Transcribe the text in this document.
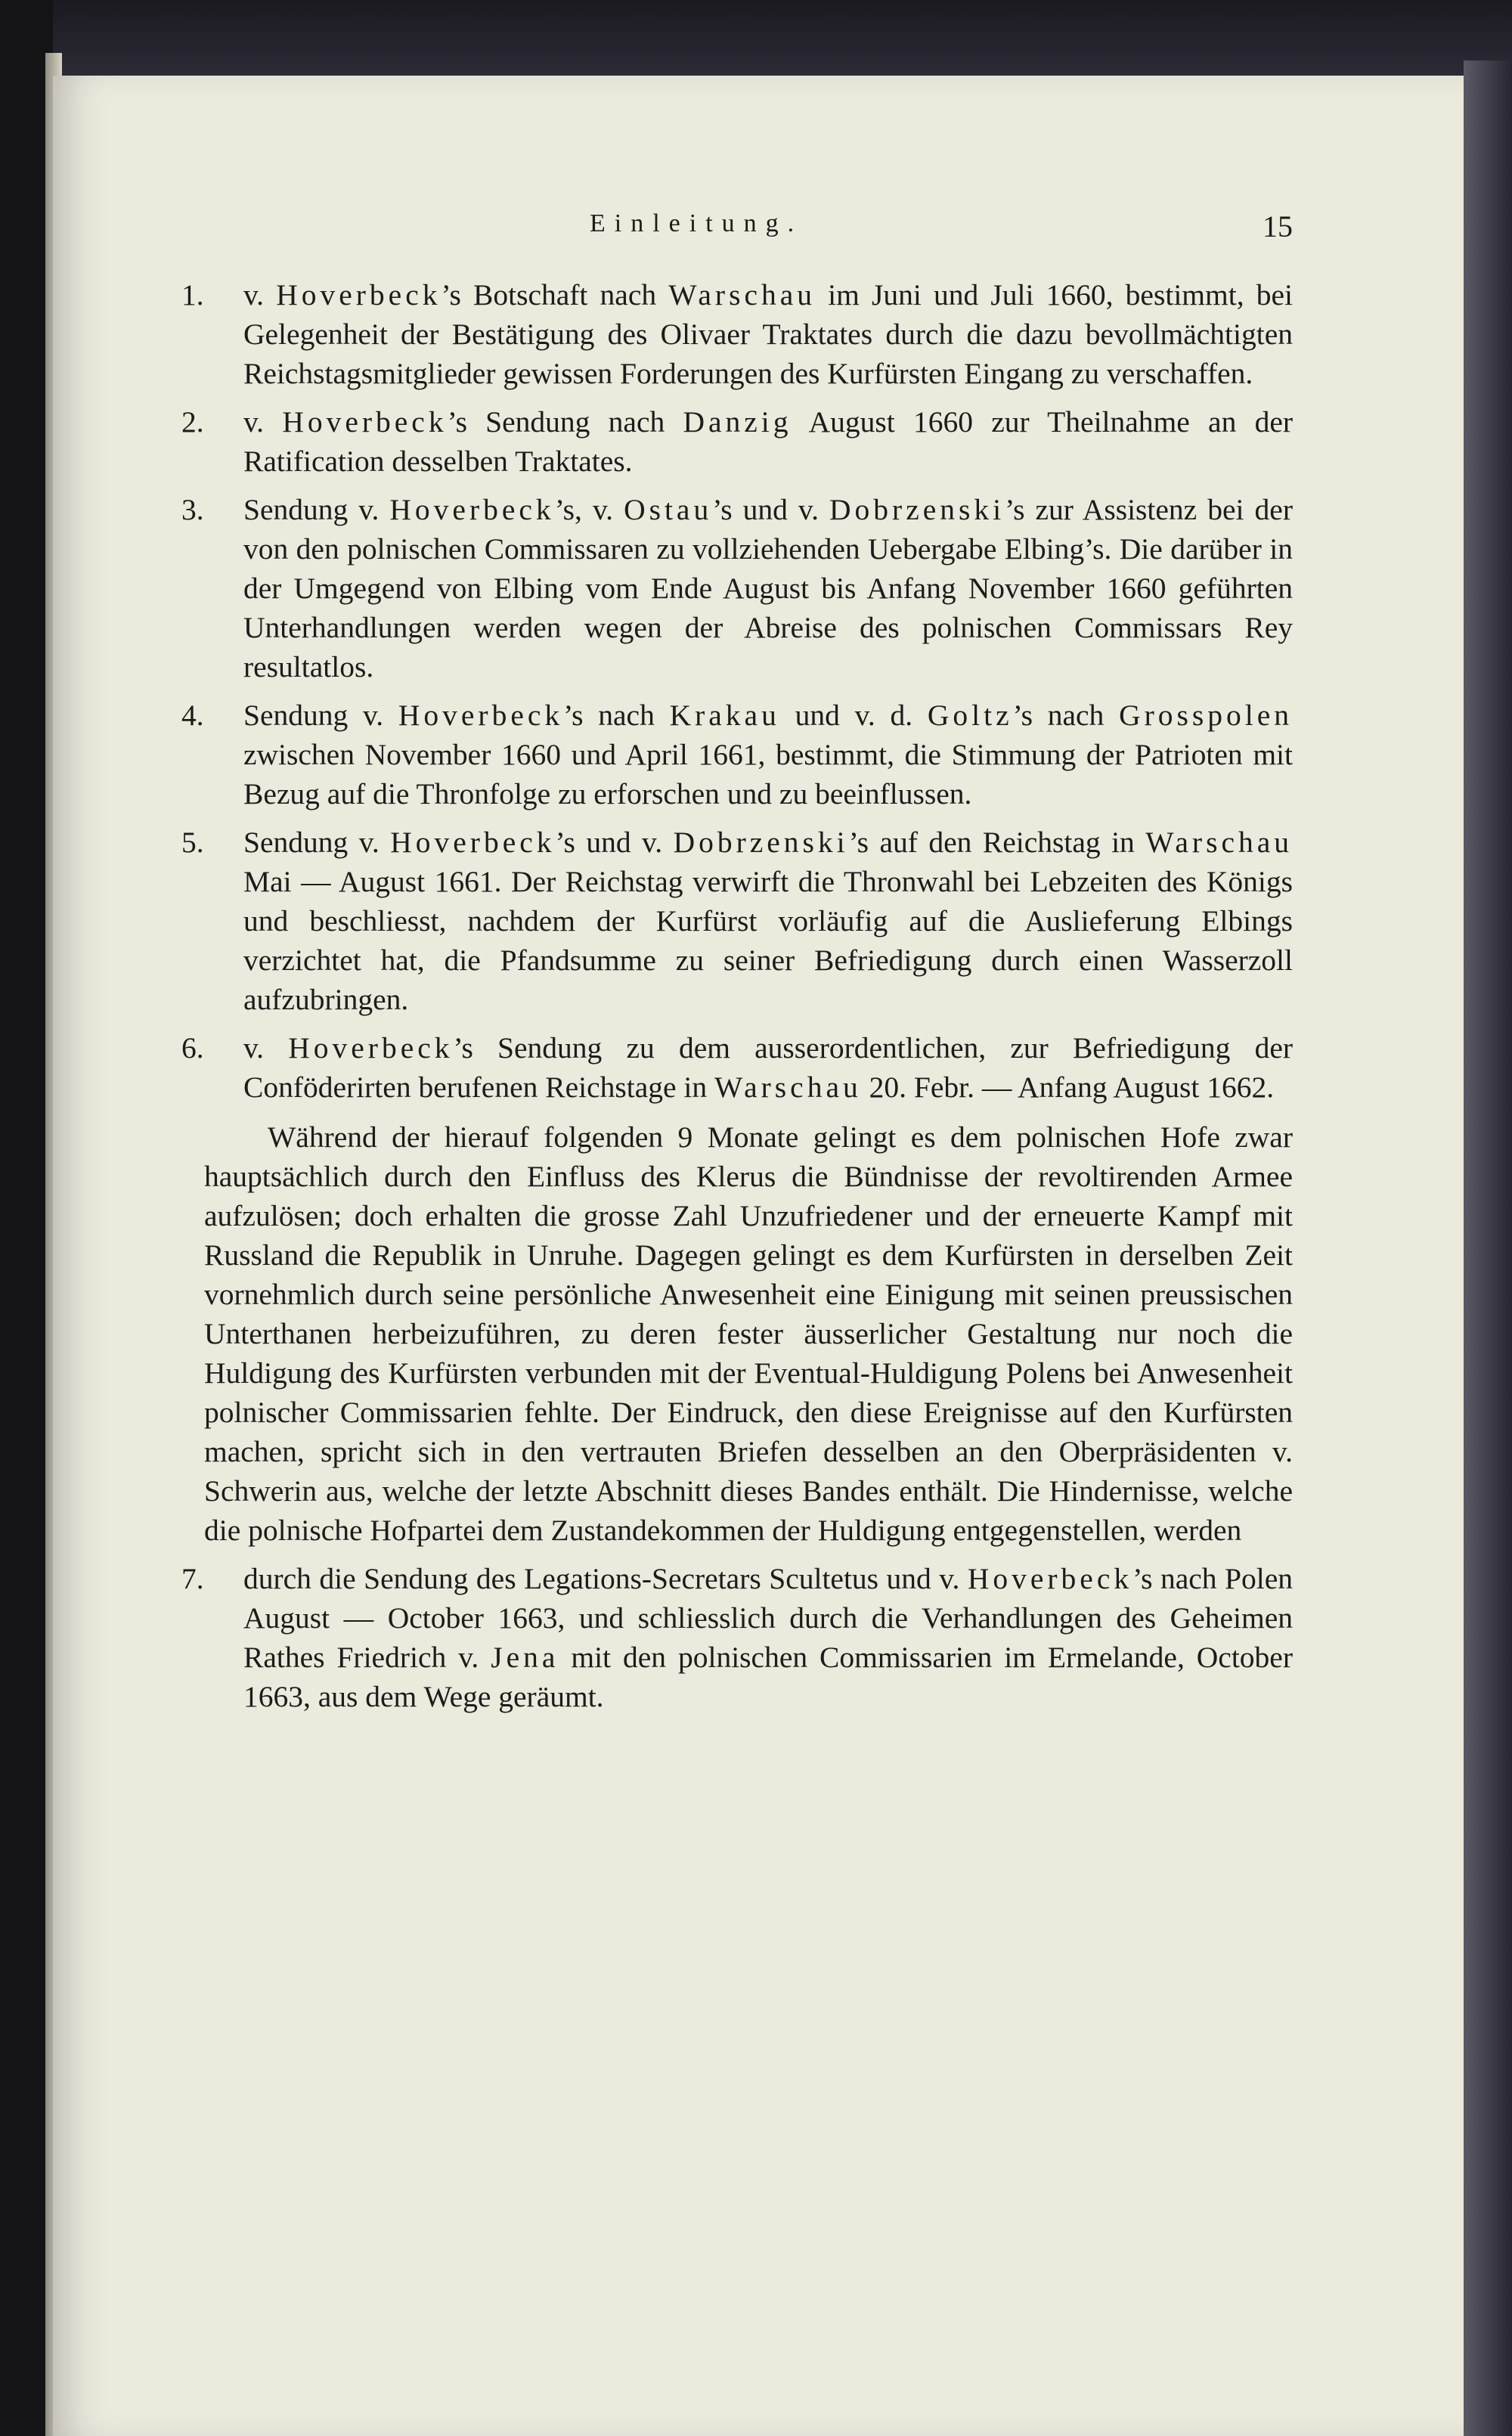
Einleitung.	15
1. v. Hoverbeck’s Botschaft nach Warschau im Juni und Juli 1660, bestimmt, bei Gelegenheit der Bestätigung des Olivaer Traktates durch die dazu bevollmächtigten Reichstagsmitglieder gewissen Forderungen des Kurfürsten Eingang zu verschaffen.
2. v. Hoverbeck’s Sendung nach Danzig August 1660 zur Theilnahme an der Ratification desselben Traktates.
3. Sendung v. Hoverbeck’s, v. Ostau’s und v. Dobrzenski’s zur Assistenz bei der von den polnischen Commissaren zu vollziehenden Uebergabe Elbing’s. Die darüber in der Umgegend von Elbing vom Ende August bis Anfang November 1660 geführten Unterhandlungen werden wegen der Abreise des polnischen Commissars Rey resultatlos.
4. Sendung v. Hoverbeck’s nach Krakau und v. d. Goltz’s nach Grosspolen zwischen November 1660 und April 1661, bestimmt, die Stimmung der Patrioten mit Bezug auf die Thronfolge zu erforschen und zu beeinflussen.
5. Sendung v. Hoverbeck’s und v. Dobrzenski’s auf den Reichstag in Warschau Mai — August 1661. Der Reichstag verwirft die Thronwahl bei Lebzeiten des Königs und beschliesst, nachdem der Kurfürst vorläufig auf die Auslieferung Elbings verzichtet hat, die Pfandsumme zu seiner Befriedigung durch einen Wasserzoll aufzubringen.
6. v. Hoverbeck’s Sendung zu dem ausserordentlichen, zur Befriedigung der Conföderirten berufenen Reichstage in Warschau 20. Febr. — Anfang August 1662.

Während der hierauf folgenden 9 Monate gelingt es dem polnischen Hofe zwar hauptsächlich durch den Einfluss des Klerus die Bündnisse der revoltirenden Armee aufzulösen; doch erhalten die grosse Zahl Unzufriedener und der erneuerte Kampf mit Russland die Republik in Unruhe. Dagegen gelingt es dem Kurfürsten in derselben Zeit vornehmlich durch seine persönliche Anwesenheit eine Einigung mit seinen preussischen Unterthanen herbeizuführen, zu deren fester äusserlicher Gestaltung nur noch die Huldigung des Kurfürsten verbunden mit der Eventual-Huldigung Polens bei Anwesenheit polnischer Commissarien fehlte. Der Eindruck, den diese Ereignisse auf den Kurfürsten machen, spricht sich in den vertrauten Briefen desselben an den Oberpräsidenten v. Schwerin aus, welche der letzte Abschnitt dieses Bandes enthält. Die Hindernisse, welche die polnische Hofpartei dem Zustandekommen der Huldigung entgegenstellen, werden

7. durch die Sendung des Legations-Secretars Scultetus und v. Hoverbeck’s nach Polen August — October 1663, und schliesslich durch die Verhandlungen des Geheimen Rathes Friedrich v. Jena mit den polnischen Commissarien im Ermelande, October 1663, aus dem Wege geräumt.
